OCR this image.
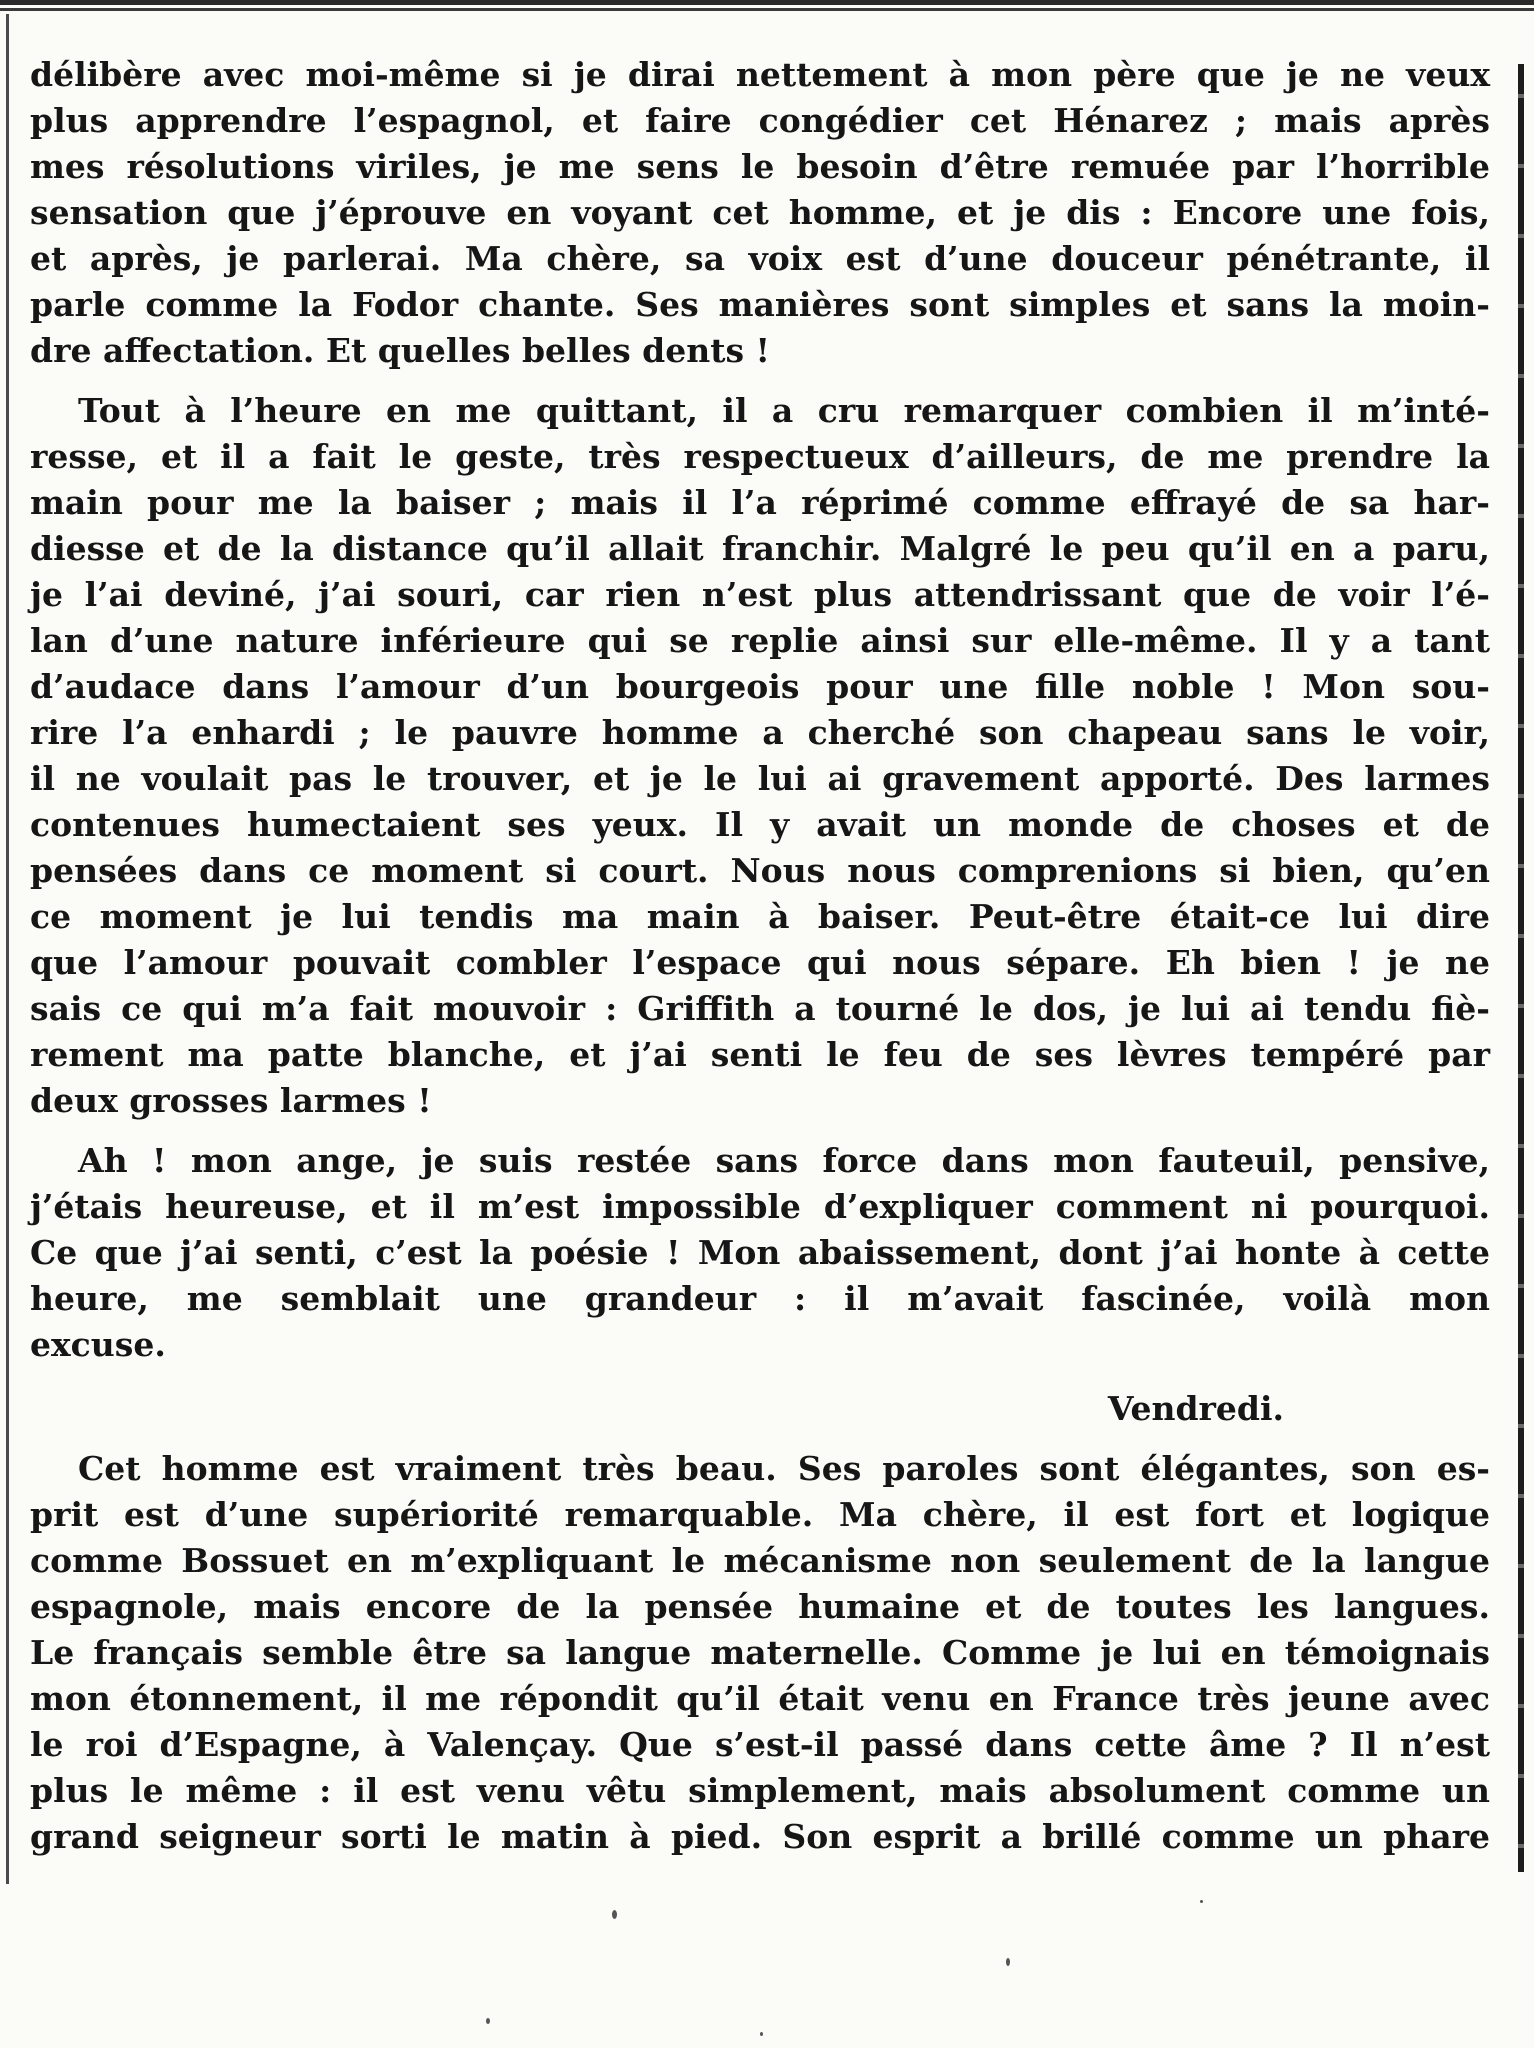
délibère avec moi-même si je dirai nettement à mon père que je ne veux
plus apprendre l’espagnol, et faire congédier cet Hénarez ; mais après
mes résolutions viriles, je me sens le besoin d’être remuée par l’horrible
sensation que j’éprouve en voyant cet homme, et je dis : Encore une fois,
et après, je parlerai. Ma chère, sa voix est d’une douceur pénétrante, il
parle comme la Fodor chante. Ses manières sont simples et sans la moin-
dre affectation. Et quelles belles dents !
Tout à l’heure en me quittant, il a cru remarquer combien il m’inté-
resse, et il a fait le geste, très respectueux d’ailleurs, de me prendre la
main pour me la baiser ; mais il l’a réprimé comme effrayé de sa har-
diesse et de la distance qu’il allait franchir. Malgré le peu qu’il en a paru,
je l’ai deviné, j’ai souri, car rien n’est plus attendrissant que de voir l’é-
lan d’une nature inférieure qui se replie ainsi sur elle-même. Il y a tant
d’audace dans l’amour d’un bourgeois pour une fille noble ! Mon sou-
rire l’a enhardi ; le pauvre homme a cherché son chapeau sans le voir,
il ne voulait pas le trouver, et je le lui ai gravement apporté. Des larmes
contenues humectaient ses yeux. Il y avait un monde de choses et de
pensées dans ce moment si court. Nous nous comprenions si bien, qu’en
ce moment je lui tendis ma main à baiser. Peut-être était-ce lui dire
que l’amour pouvait combler l’espace qui nous sépare. Eh bien ! je ne
sais ce qui m’a fait mouvoir : Griffith a tourné le dos, je lui ai tendu fiè-
rement ma patte blanche, et j’ai senti le feu de ses lèvres tempéré par
deux grosses larmes !
Ah ! mon ange, je suis restée sans force dans mon fauteuil, pensive,
j’étais heureuse, et il m’est impossible d’expliquer comment ni pourquoi.
Ce que j’ai senti, c’est la poésie ! Mon abaissement, dont j’ai honte à cette
heure, me semblait une grandeur : il m’avait fascinée, voilà mon
excuse.
Vendredi.
Cet homme est vraiment très beau. Ses paroles sont élégantes, son es-
prit est d’une supériorité remarquable. Ma chère, il est fort et logique
comme Bossuet en m’expliquant le mécanisme non seulement de la langue
espagnole, mais encore de la pensée humaine et de toutes les langues.
Le français semble être sa langue maternelle. Comme je lui en témoignais
mon étonnement, il me répondit qu’il était venu en France très jeune avec
le roi d’Espagne, à Valençay. Que s’est-il passé dans cette âme ? Il n’est
plus le même : il est venu vêtu simplement, mais absolument comme un
grand seigneur sorti le matin à pied. Son esprit a brillé comme un phare
